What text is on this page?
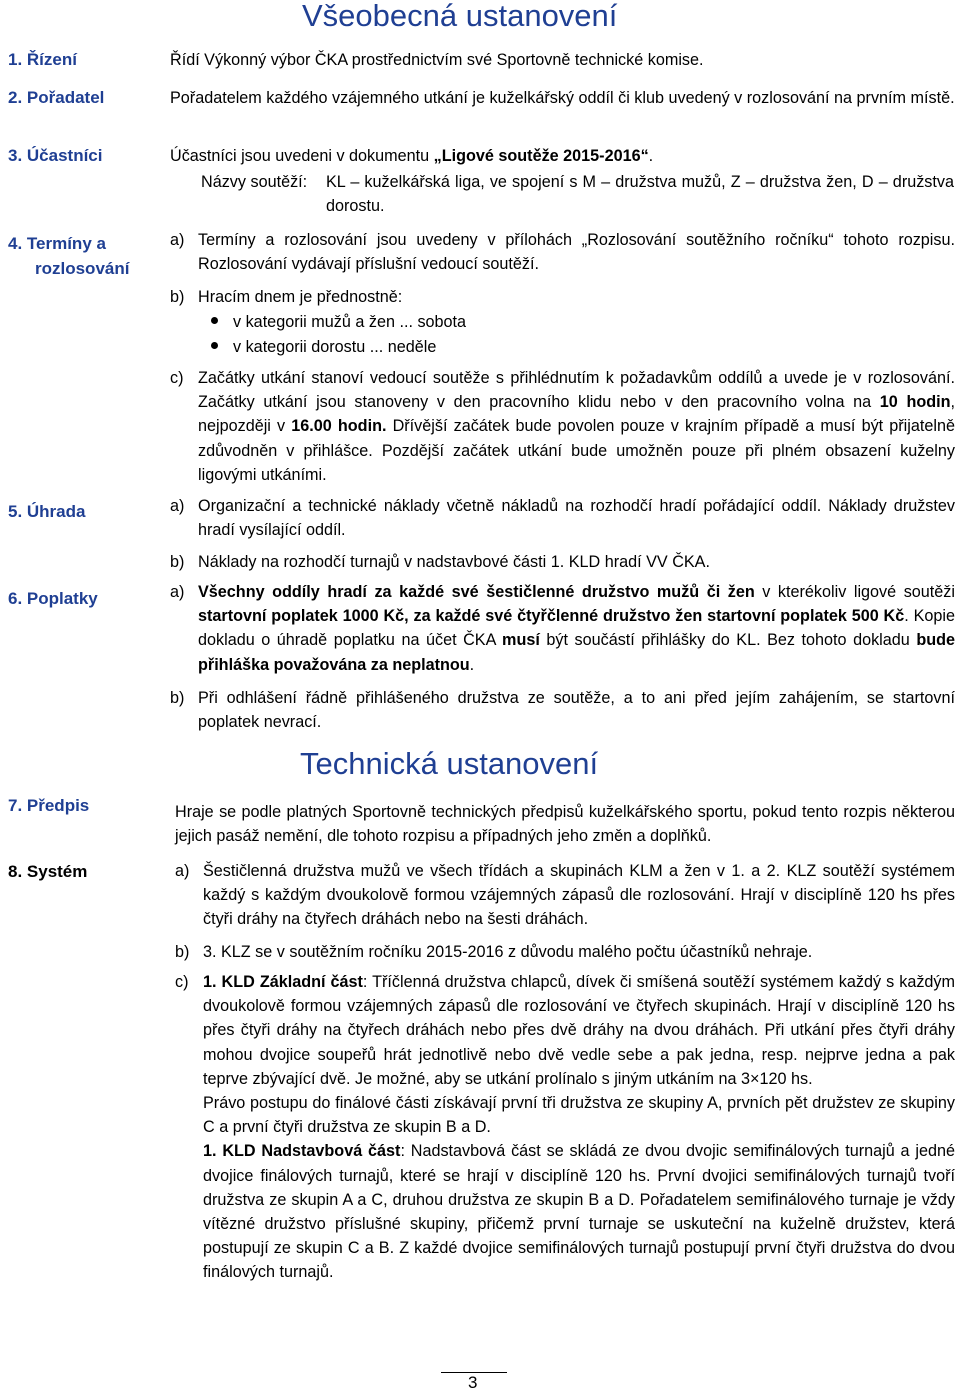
Všeobecná ustanovení
1. Řízení	Řídí Výkonný výbor ČKA prostřednictvím své Sportovně technické komise.
2. Pořadatel	Pořadatelem každého vzájemného utkání je kuželkářský oddíl či klub uvedený v rozlosování na prvním místě.
3. Účastníci	Účastníci jsou uvedeni v dokumentu „Ligové soutěže 2015-2016“.
Názvy soutěží: KL – kuželkářská liga, ve spojení s M – družstva mužů, Z – družstva žen, D – družstva dorostu.
4. Termíny a
rozlosování
a) Termíny a rozlosování jsou uvedeny v přílohách „Rozlosování soutěžního ročníku“ tohoto rozpisu. Rozlosování vydávají příslušní vedoucí soutěží.
b) Hracím dnem je přednostně:
v kategorii mužů a žen ... sobota
v kategorii dorostu ... neděle
c) Začátky utkání stanoví vedoucí soutěže s přihlédnutím k požadavkům oddílů a uvede je v rozlosování. Začátky utkání jsou stanoveny v den pracovního klidu nebo v den pracovního volna na 10 hodin, nejpozději v 16.00 hodin. Dřívější začátek bude povolen pouze v krajním případě a musí být přijatelně zdůvodněn v přihlášce. Pozdější začátek utkání bude umožněn pouze při plném obsazení kuželny ligovými utkáními.
5. Úhrada	a) Organizační a technické náklady včetně nákladů na rozhodčí hradí pořádající oddíl. Náklady družstev hradí vysílající oddíl.
b) Náklady na rozhodčí turnajů v nadstavbové části 1. KLD hradí VV ČKA.
6. Poplatky	a) Všechny oddíly hradí za každé své šestičlenné družstvo mužů či žen v kterékoliv ligové soutěži startovní poplatek 1000 Kč, za každé své čtyřčlenné družstvo žen startovní poplatek 500 Kč. Kopie dokladu o úhradě poplatku na účet ČKA musí být součástí přihlášky do KL. Bez tohoto dokladu bude přihláška považována za neplatnou.
b) Při odhlášení řádně přihlášeného družstva ze soutěže, a to ani před jejím zahájením, se startovní poplatek nevrací.
Technická ustanovení
7. Předpis	Hraje se podle platných Sportovně technických předpisů kuželkářského sportu, pokud tento rozpis některou jejich pasáž nemění, dle tohoto rozpisu a případných jeho změn a doplňků.
8. Systém	a) Šestičlenná družstva mužů ve všech třídách a skupinách KLM a žen v 1. a 2. KLZ soutěží systémem každý s každým dvoukolově formou vzájemných zápasů dle rozlosování. Hrají v disciplíně 120 hs přes čtyři dráhy na čtyřech dráhách nebo na šesti dráhách.
b) 3. KLZ se v soutěžním ročníku 2015-2016 z důvodu malého počtu účastníků nehraje.
c) 1. KLD Základní část: Tříčlenná družstva chlapců, dívek či smíšená soutěží systémem každý s každým dvoukolově formou vzájemných zápasů dle rozlosování ve čtyřech skupinách. Hrají v disciplíně 120 hs přes čtyři dráhy na čtyřech dráhách nebo přes dvě dráhy na dvou dráhách. Při utkání přes čtyři dráhy mohou dvojice soupeřů hrát jednotlivě nebo dvě vedle sebe a pak jedna, resp. nejprve jedna a pak teprve zbývající dvě. Je možné, aby se utkání prolínalo s jiným utkáním na 3×120 hs.
Právo postupu do finálové části získávají první tři družstva ze skupiny A, prvních pět družstev ze skupiny C a první čtyři družstva ze skupin B a D.
1. KLD Nadstavbová část: Nadstavbová část se skládá ze dvou dvojic semifinálových turnajů a jedné dvojice finálových turnajů, které se hrají v disciplíně 120 hs. První dvojici semifinálových turnajů tvoří družstva ze skupin A a C, druhou družstva ze skupin B a D. Pořadatelem semifinálového turnaje je vždy vítězné družstvo příslušné skupiny, přičemž první turnaje se uskuteční na kuželně družstev, která postupují ze skupin C a B. Z každé dvojice semifinálových turnajů postupují první čtyři družstva do dvou finálových turnajů.
3
